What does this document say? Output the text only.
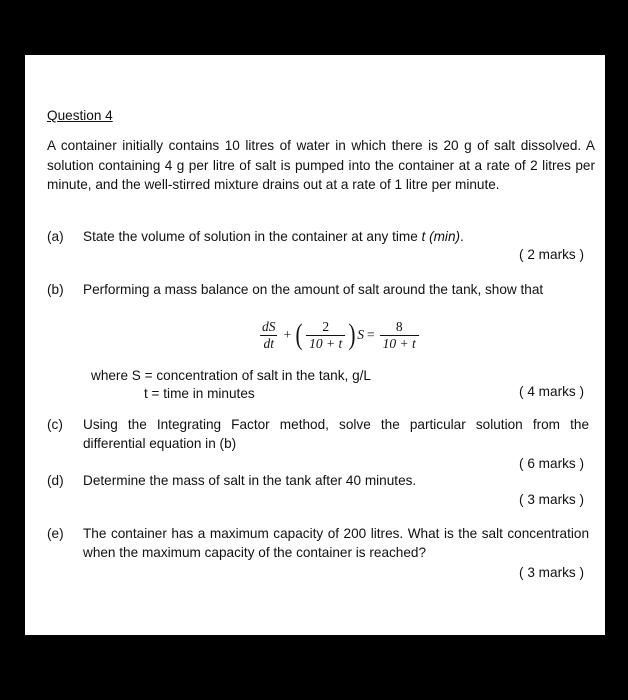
Question 4
A container initially contains 10 litres of water in which there is 20 g of salt dissolved. A solution containing 4 g per litre of salt is pumped into the container at a rate of 2 litres per minute, and the well-stirred mixture drains out at a rate of 1 litre per minute.
(a) State the volume of solution in the container at any time t (min).
( 2 marks )
(b) Performing a mass balance on the amount of salt around the tank, show that
$\frac{dS}{dt}$ + ( $\frac{2}{10 + t}$ ) $S = \frac{8}{10 + t}$
where S = concentration of salt in the tank, g/L
t = time in minutes	( 4 marks )
(c) Using the Integrating Factor method, solve the particular solution from the differential equation in (b)
( 6 marks )
(d) Determine the mass of salt in the tank after 40 minutes.
( 3 marks )
(e) The container has a maximum capacity of 200 litres. What is the salt concentration when the maximum capacity of the container is reached?
( 3 marks )
